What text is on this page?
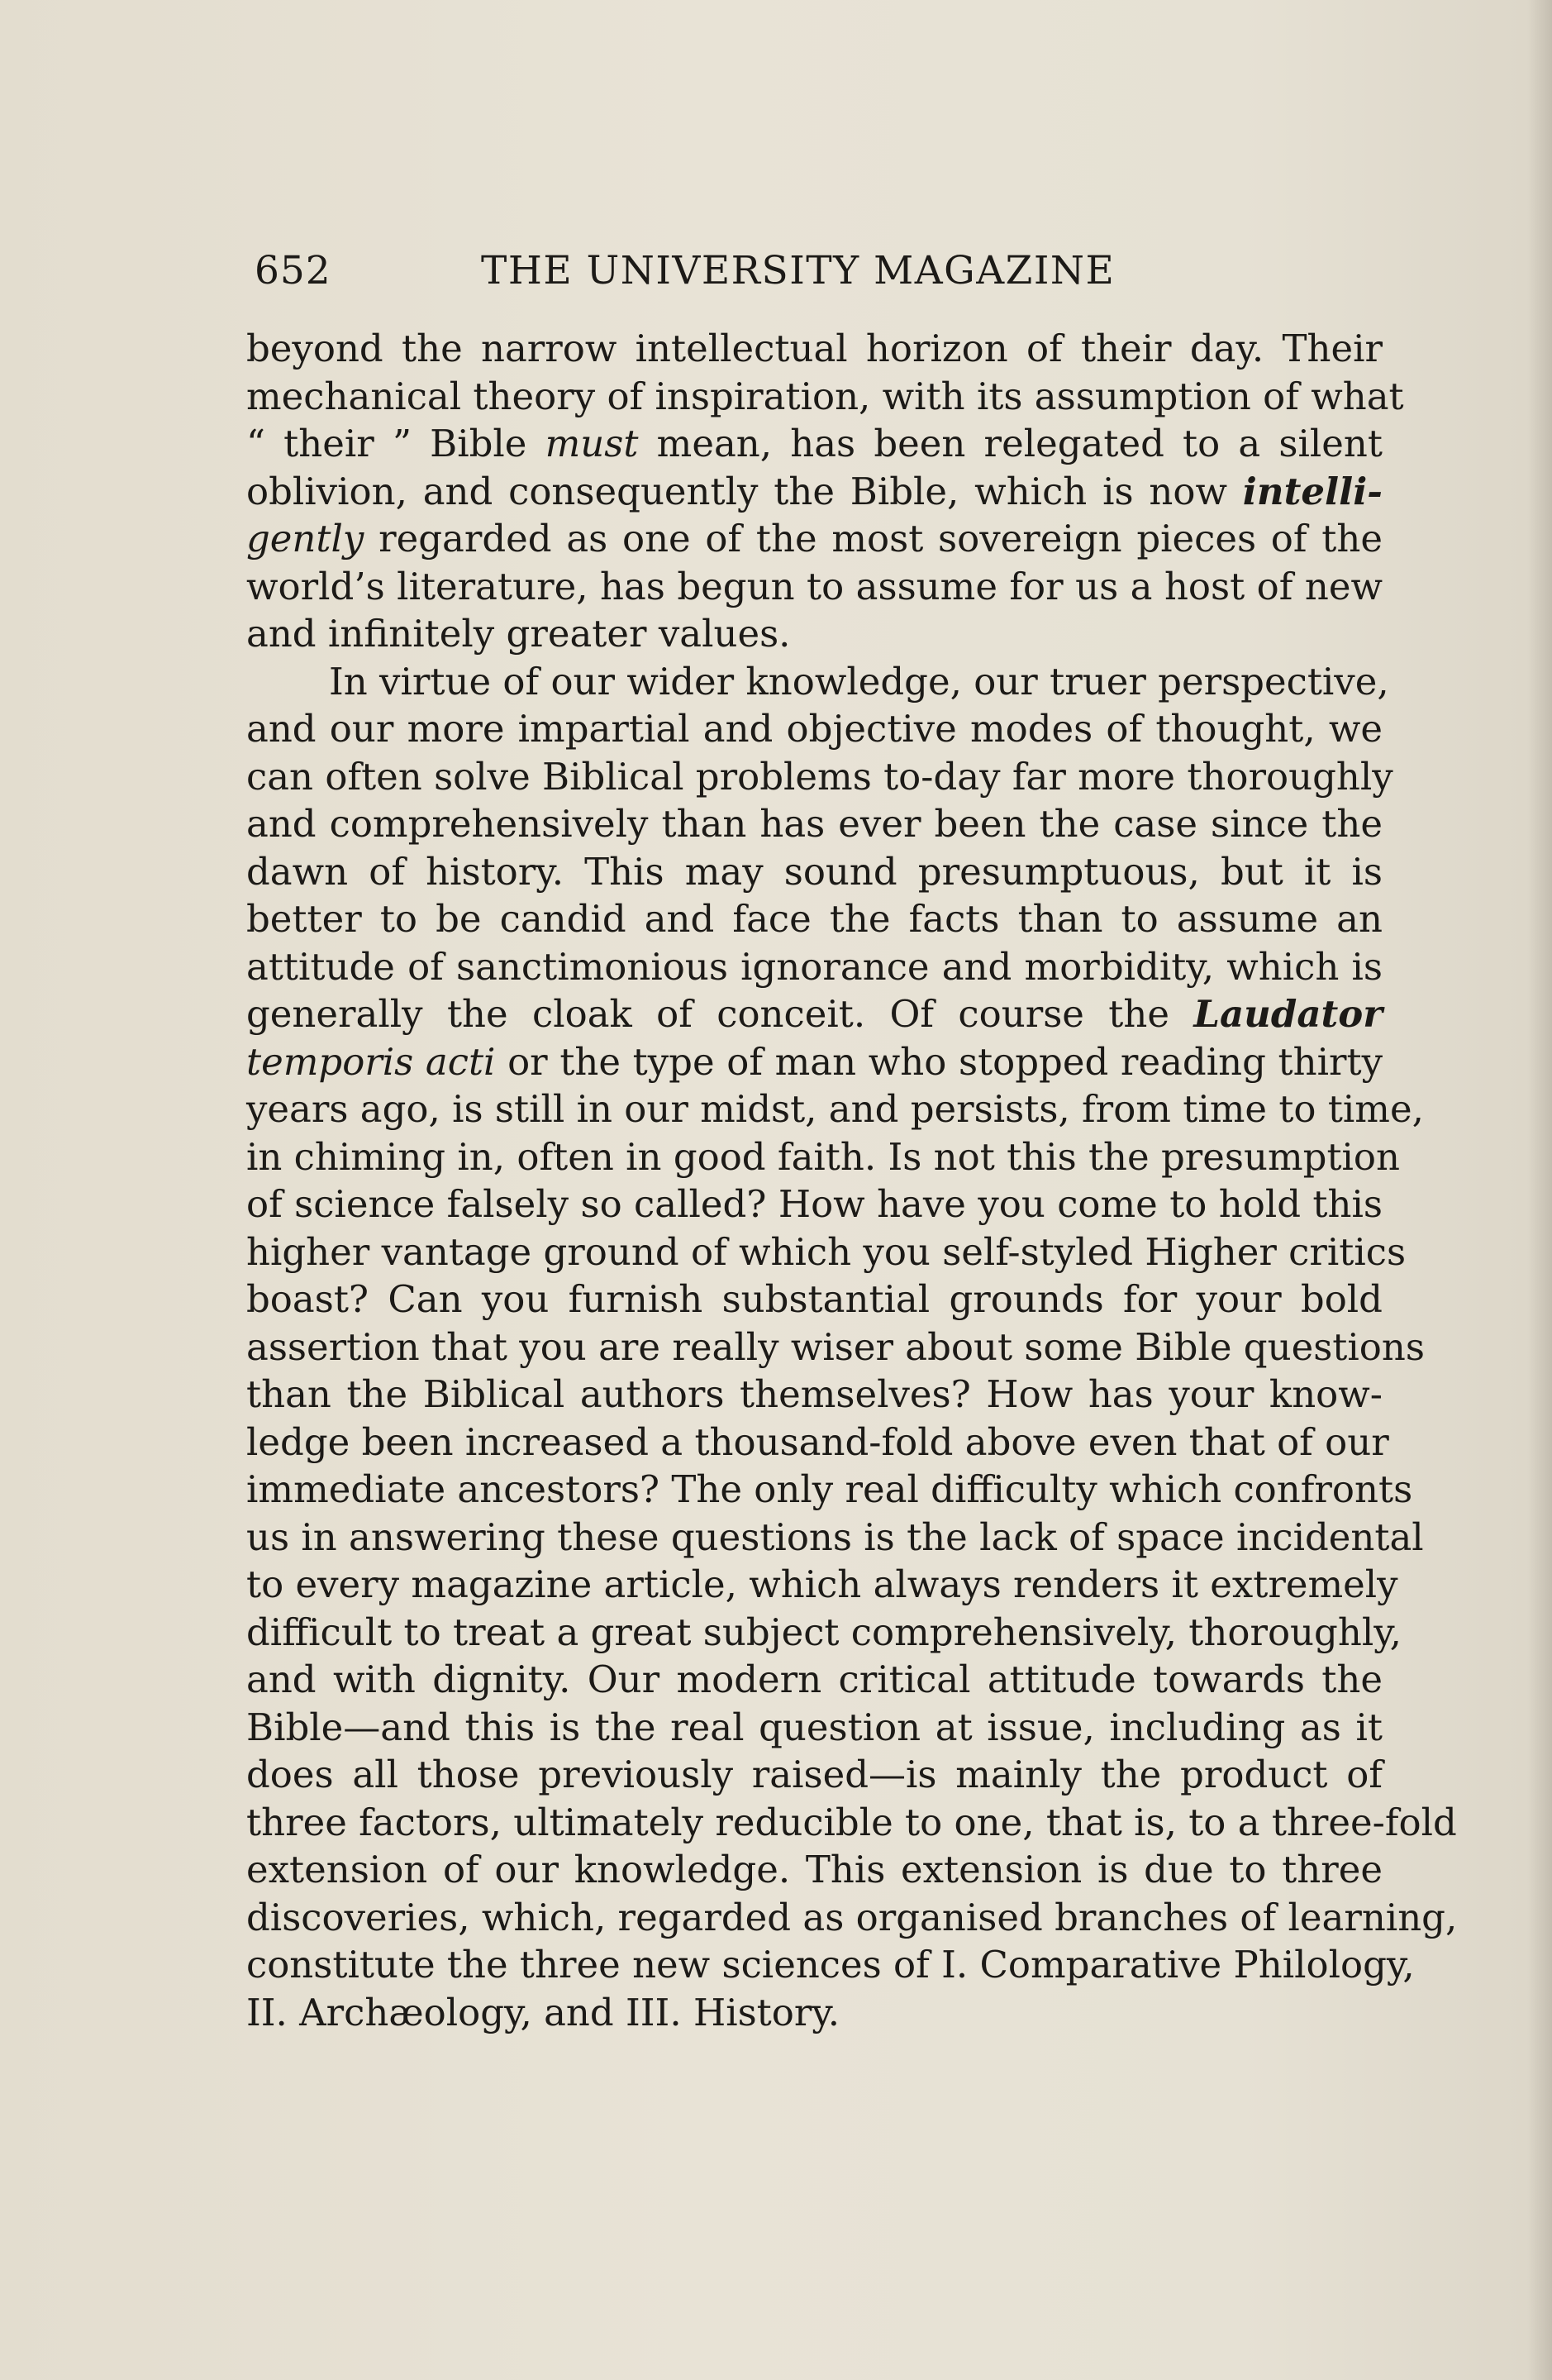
652	THE UNIVERSITY MAGAZINE
beyond the narrow intellectual horizon of their day. Their
mechanical theory of inspiration, with its assumption of what
“ their ” Bible must mean, has been relegated to a silent
oblivion, and consequently the Bible, which is now intelli-
gently regarded as one of the most sovereign pieces of the
world’s literature, has begun to assume for us a host of new
and infinitely greater values.
In virtue of our wider knowledge, our truer perspective,
and our more impartial and objective modes of thought, we
can often solve Biblical problems to-day far more thoroughly
and comprehensively than has ever been the case since the
dawn of history. This may sound presumptuous, but it is
better to be candid and face the facts than to assume an
attitude of sanctimonious ignorance and morbidity, which is
generally the cloak of conceit. Of course the Laudator
temporis acti or the type of man who stopped reading thirty
years ago, is still in our midst, and persists, from time to time,
in chiming in, often in good faith. Is not this the presumption
of science falsely so called? How have you come to hold this
higher vantage ground of which you self-styled Higher critics
boast? Can you furnish substantial grounds for your bold
assertion that you are really wiser about some Bible questions
than the Biblical authors themselves? How has your know-
ledge been increased a thousand-fold above even that of our
immediate ancestors? The only real difficulty which confronts
us in answering these questions is the lack of space incidental
to every magazine article, which always renders it extremely
difficult to treat a great subject comprehensively, thoroughly,
and with dignity. Our modern critical attitude towards the
Bible—and this is the real question at issue, including as it
does all those previously raised—is mainly the product of
three factors, ultimately reducible to one, that is, to a three-fold
extension of our knowledge. This extension is due to three
discoveries, which, regarded as organised branches of learning,
constitute the three new sciences of I. Comparative Philology,
II. Archæology, and III. History.
